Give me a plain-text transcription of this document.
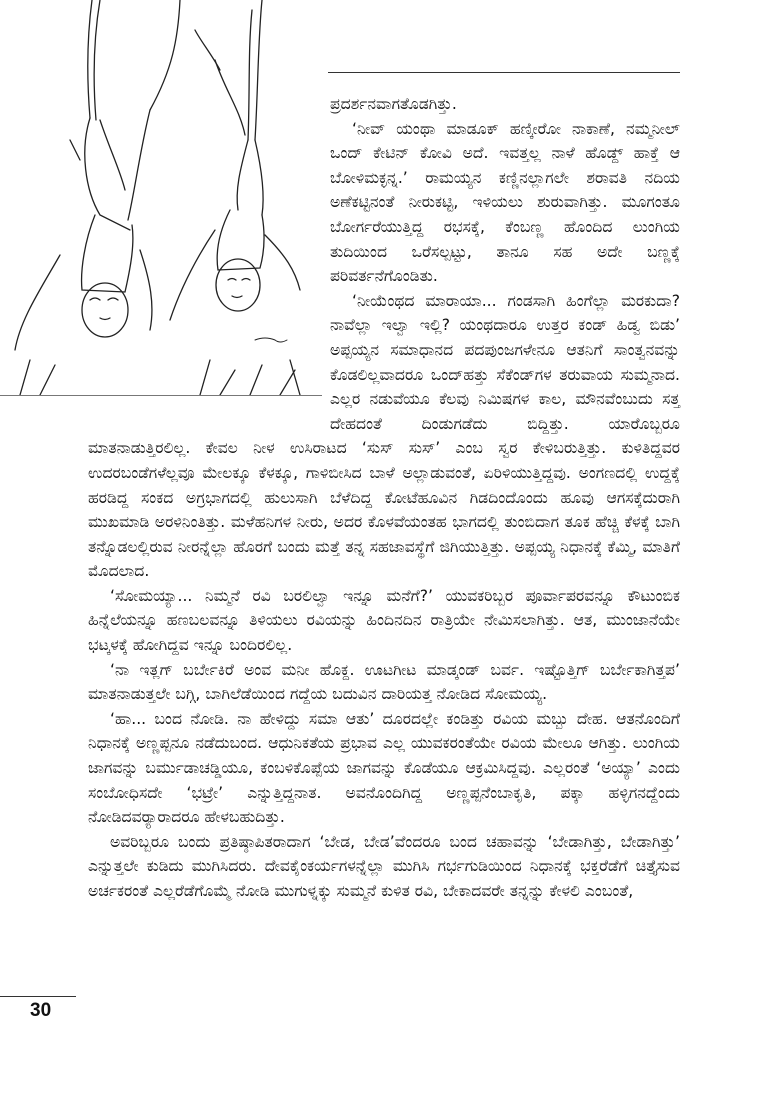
ಪ್ರದರ್ಶನವಾಗತೊಡಗಿತ್ತು.

‘ನೀವ್ ಯಂಥಾ ಮಾಡೂಕ್ ಹಣ್ಕೀರೋ ನಾಕಾಣೆ, ನಮ್ಮನೀಲ್ ಒಂದ್ ಕೇಟಿನ್ ಕೋವಿ ಅದೆ. ಇವತ್ತಲ್ಲ ನಾಳೆ ಹೊಡ್ದ್ ಹಾಕ್ತೆ ಆ ಬೋಳಿಮಕ್ಳನ್ನ.’ ರಾಮಯ್ಯನ ಕಣ್ಣಿನಲ್ಲಾಗಲೇ ಶರಾವತಿ ನದಿಯ ಅಣೆಕಟ್ಟಿನಂತೆ ನೀರುಕಟ್ಟಿ, ಇಳಿಯಲು ಶುರುವಾಗಿತ್ತು. ಮೂಗಂತೂ ಬೋರ್ಗರೆಯುತ್ತಿದ್ದ ರಭಸಕ್ಕೆ, ಕೆಂಬಣ್ಣ ಹೊಂದಿದ ಲುಂಗಿಯ ತುದಿಯಿಂದ ಒರೆಸಲ್ಪಟ್ಟು, ತಾನೂ ಸಹ ಅದೇ ಬಣ್ಣಕ್ಕೆ ಪರಿವರ್ತನೆಗೊಂಡಿತು.

‘ನೀಯೆಂಥದ ಮಾರಾಯಾ... ಗಂಡಸಾಗಿ ಹಿಂಗೆಲ್ಲಾ ಮರಕುದಾ? ನಾವೆಲ್ಲಾ ಇಲ್ವಾ ಇಲ್ಲಿ? ಯಂಥದಾರೂ ಉತ್ತರ ಕಂಡ್ ಹಿಡ್ವ ಬಿಡು’ ಅಪ್ಪಯ್ಯನ ಸಮಾಧಾನದ ಪದಪುಂಜಗಳೇನೂ ಆತನಿಗೆ ಸಾಂತ್ವನವನ್ನು ಕೊಡಲಿಲ್ಲವಾದರೂ ಒಂದ್‌ಹತ್ತು ಸೆಕೆಂಡ್‌ಗಳ ತರುವಾಯ ಸುಮ್ಮನಾದ. ಎಲ್ಲರ ನಡುವೆಯೂ ಕೆಲವು ನಿಮಿಷಗಳ ಕಾಲ, ಮೌನವೆಂಬುದು ಸತ್ತ ದೇಹದಂತೆ ದಿಂಡುಗಡೆದು ಬಿದ್ದಿತ್ತು. ಯಾರೊಬ್ಬರೂ ಮಾತನಾಡುತ್ತಿರಲಿಲ್ಲ. ಕೇವಲ ನೀಳ ಉಸಿರಾಟದ ‘ಸುಸ್ ಸುಸ್’ ಎಂಬ ಸ್ವರ ಕೇಳಿಬರುತ್ತಿತ್ತು. ಕುಳಿತಿದ್ದವರ ಉದರಬಂಡೆಗಳೆಲ್ಲವೂ ಮೇಲಕ್ಕೂ ಕೆಳಕ್ಕೂ, ಗಾಳಿಬೀಸಿದ ಬಾಳೆ ಅಲ್ಲಾಡುವಂತೆ, ಏರಿಳಿಯುತ್ತಿದ್ದವು. ಅಂಗಣದಲ್ಲಿ ಉದ್ದಕ್ಕೆ ಹರಡಿದ್ದ ಸಂಕದ ಅಗ್ರಭಾಗದಲ್ಲಿ ಹುಲುಸಾಗಿ ಬೆಳೆದಿದ್ದ ಕೋಟೆಹೂವಿನ ಗಿಡದಿಂದೊಂದು ಹೂವು ಆಗಸಕ್ಕೆದುರಾಗಿ ಮುಖಮಾಡಿ ಅರಳಿನಿಂತಿತ್ತು. ಮಳೆಹನಿಗಳ ನೀರು, ಅದರ ಕೊಳವೆಯಂತಹ ಭಾಗದಲ್ಲಿ ತುಂಬಿದಾಗ ತೂಕ ಹೆಚ್ಚಿ ಕೆಳಕ್ಕೆ ಬಾಗಿ ತನ್ನೊಡಲಲ್ಲಿರುವ ನೀರನ್ನೆಲ್ಲಾ ಹೊರಗೆ ಬಂದು ಮತ್ತೆ ತನ್ನ ಸಹಜಾವಸ್ಥೆಗೆ ಜಿಗಿಯುತ್ತಿತ್ತು. ಅಪ್ಪಯ್ಯ ನಿಧಾನಕ್ಕೆ ಕೆಮ್ಮಿ, ಮಾತಿಗೆ ಮೊದಲಾದ.

‘ಸೋಮಯ್ಯಾ... ನಿಮ್ಮನೆ ರವಿ ಬರಲಿಲ್ವಾ ಇನ್ನೂ ಮನೆಗೆ?’ ಯುವಕರಿಬ್ಬರ ಪೂರ್ವಾಪರವನ್ನೂ ಕೌಟುಂಬಿಕ ಹಿನ್ನೆಲೆಯನ್ನೂ ಹಣಬಲವನ್ನೂ ತಿಳಿಯಲು ರವಿಯನ್ನು ಹಿಂದಿನದಿನ ರಾತ್ರಿಯೇ ನೇಮಿಸಲಾಗಿತ್ತು. ಆತ, ಮುಂಜಾನೆಯೇ ಭಟ್ಕಳಕ್ಕೆ ಹೋಗಿದ್ದವ ಇನ್ನೂ ಬಂದಿರಲಿಲ್ಲ.

‘ನಾ ಇತ್ಲಗ್ ಬರ್ಬೇಕಿರೆ ಅಂವ ಮನೀ ಹೊಕ್ದ. ಊಟಗೀಟ ಮಾಡ್ಕಂಡ್ ಬರ್ವ. ಇಷ್ಟೊತ್ತಿಗ್ ಬರ್ಬೇಕಾಗಿತ್ತಪ’ ಮಾತನಾಡುತ್ತಲೇ ಬಗ್ಗಿ, ಬಾಗಿಲೆಡೆಯಿಂದ ಗದ್ದೆಯ ಬದುವಿನ ದಾರಿಯತ್ತ ನೋಡಿದ ಸೋಮಯ್ಯ.

‘ಹಾ... ಬಂದ ನೋಡಿ. ನಾ ಹೇಳಿದ್ದು ಸಮಾ ಆತು’ ದೂರದಲ್ಲೇ ಕಂಡಿತ್ತು ರವಿಯ ಮಬ್ಬು ದೇಹ. ಆತನೊಂದಿಗೆ ನಿಧಾನಕ್ಕೆ ಅಣ್ಣಪ್ಪನೂ ನಡೆದುಬಂದ. ಆಧುನಿಕತೆಯ ಪ್ರಭಾವ ಎಲ್ಲ ಯುವಕರಂತೆಯೇ ರವಿಯ ಮೇಲೂ ಆಗಿತ್ತು. ಲುಂಗಿಯ ಜಾಗವನ್ನು ಬರ್ಮುಡಾಚಡ್ಡಿಯೂ, ಕಂಬಳಿಕೊಪ್ಪೆಯ ಜಾಗವನ್ನು ಕೊಡೆಯೂ ಆಕ್ರಮಿಸಿದ್ದವು. ಎಲ್ಲರಂತೆ ‘ಅಯ್ಯಾ’ ಎಂದು ಸಂಬೋಧಿಸದೇ ‘ಭಟ್ರೇ’ ಎನ್ನುತ್ತಿದ್ದನಾತ. ಅವನೊಂದಿಗಿದ್ದ ಅಣ್ಣಪ್ಪನೆಂಬಾಕೃತಿ, ಪಕ್ಕಾ ಹಳ್ಳಿಗನದ್ದೆಂದು ನೋಡಿದವರ್‍ಯಾರಾದರೂ ಹೇಳಬಹುದಿತ್ತು.

ಅವರಿಬ್ಬರೂ ಬಂದು ಪ್ರತಿಷ್ಠಾಪಿತರಾದಾಗ ‘ಬೇಡ, ಬೇಡ’ವೆಂದರೂ ಬಂದ ಚಹಾವನ್ನು ‘ಬೇಡಾಗಿತ್ತು, ಬೇಡಾಗಿತ್ತು’ ಎನ್ನುತ್ತಲೇ ಕುಡಿದು ಮುಗಿಸಿದರು. ದೇವಕೈಂಕರ್ಯಗಳನ್ನೆಲ್ಲಾ ಮುಗಿಸಿ ಗರ್ಭಗುಡಿಯಿಂದ ನಿಧಾನಕ್ಕೆ ಭಕ್ತರೆಡೆಗೆ ಚಿತ್ತೈಸುವ ಅರ್ಚಕರಂತೆ ಎಲ್ಲರೆಡೆಗೊಮ್ಮೆ ನೋಡಿ ಮುಗುಳ್ನಕ್ಕು ಸುಮ್ಮನೆ ಕುಳಿತ ರವಿ, ಬೇಕಾದವರೇ ತನ್ನನ್ನು ಕೇಳಲಿ ಎಂಬಂತೆ,

30
